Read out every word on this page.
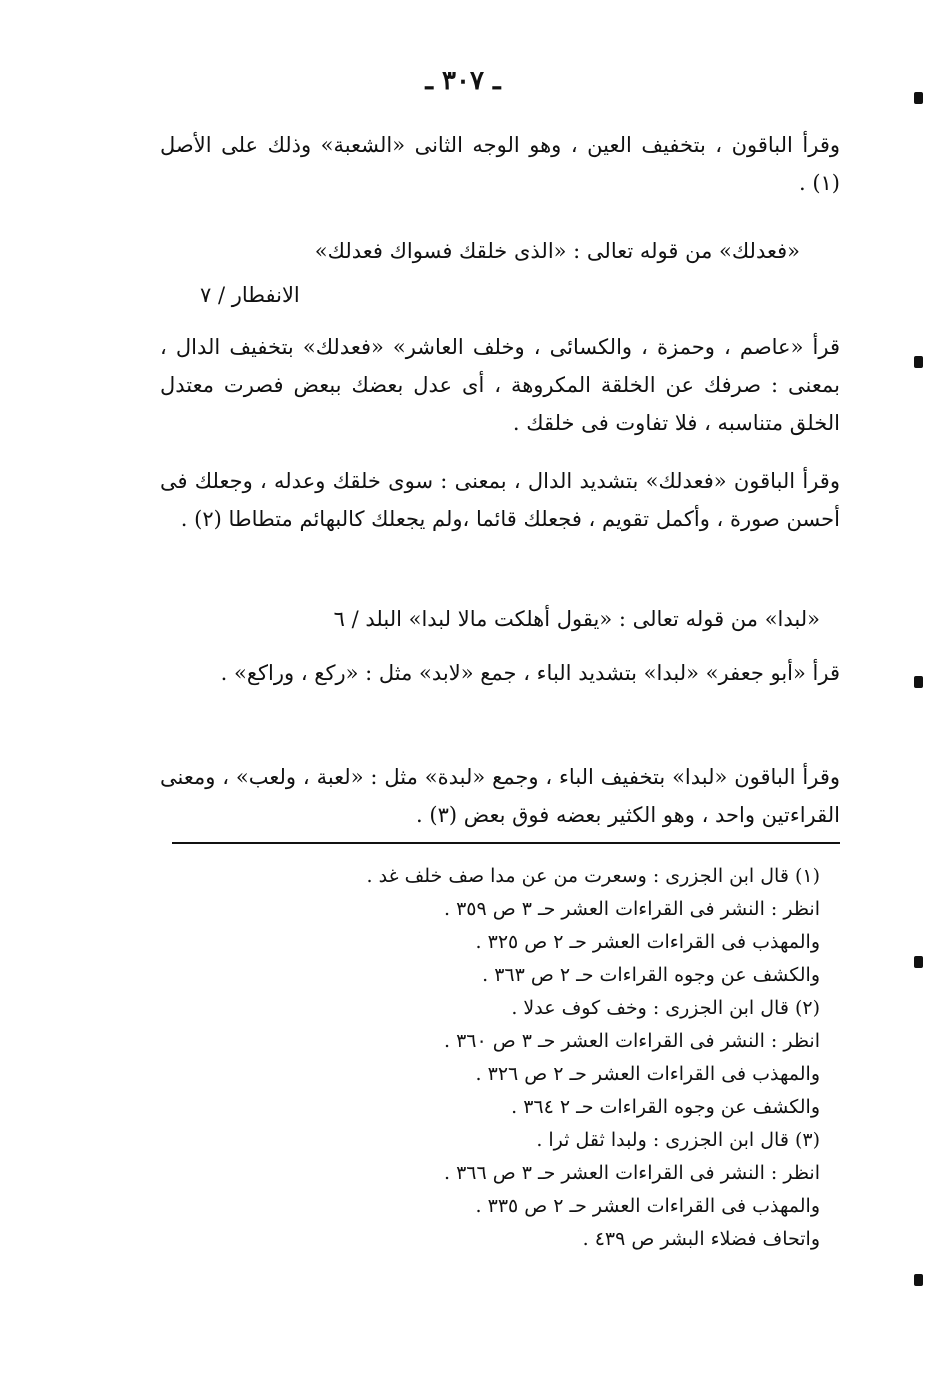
ـ ٣٠٧ ـ
وقرأ الباقون ، بتخفيف العين ، وهو الوجه الثانى «الشعبة» وذلك على الأصل (١) .
«فعدلك» من قوله تعالى : «الذى خلقك فسواك فعدلك»
الانفطار / ٧
قرأ «عاصم ، وحمزة ، والكسائى ، وخلف العاشر» «فعدلك» بتخفيف الدال ، بمعنى : صرفك عن الخلقة المكروهة ، أى عدل بعضك ببعض فصرت معتدل الخلق متناسبه ، فلا تفاوت فى خلقك .
وقرأ الباقون «فعدلك» بتشديد الدال ، بمعنى : سوى خلقك وعدله ، وجعلك فى أحسن صورة ، وأكمل تقويم ، فجعلك قائما ،ولم يجعلك كالبهائم متطاطا (٢) .
«لبدا» من قوله تعالى : «يقول أهلكت مالا لبدا» البلد / ٦
قرأ «أبو جعفر» «لبدا» بتشديد الباء ، جمع «لابد» مثل : «ركع ، وراكع» .
وقرأ الباقون «لبدا» بتخفيف الباء ، وجمع «لبدة» مثل : «لعبة ، ولعب» ، ومعنى القراءتين واحد ، وهو الكثير بعضه فوق بعض (٣) .
(١) قال ابن الجزرى : وسعرت من عن مدا صف خلف غد .
انظر : النشر فى القراءات العشر حـ ٣ ص ٣٥٩ .
والمهذب فى القراءات العشر حـ ٢ ص ٣٢٥ .
والكشف عن وجوه القراءات حـ ٢ ص ٣٦٣ .
(٢) قال ابن الجزرى : وخف كوف عدلا .
انظر : النشر فى القراءات العشر حـ ٣ ص ٣٦٠ .
والمهذب فى القراءات العشر حـ ٢ ص ٣٢٦ .
والكشف عن وجوه القراءات حـ ٢ ٣٦٤ .
(٣) قال ابن الجزرى : ولبدا ثقل ثرا .
انظر : النشر فى القراءات العشر حـ ٣ ص ٣٦٦ .
والمهذب فى القراءات العشر حـ ٢ ص ٣٣٥ .
واتحاف فضلاء البشر ص ٤٣٩ .
